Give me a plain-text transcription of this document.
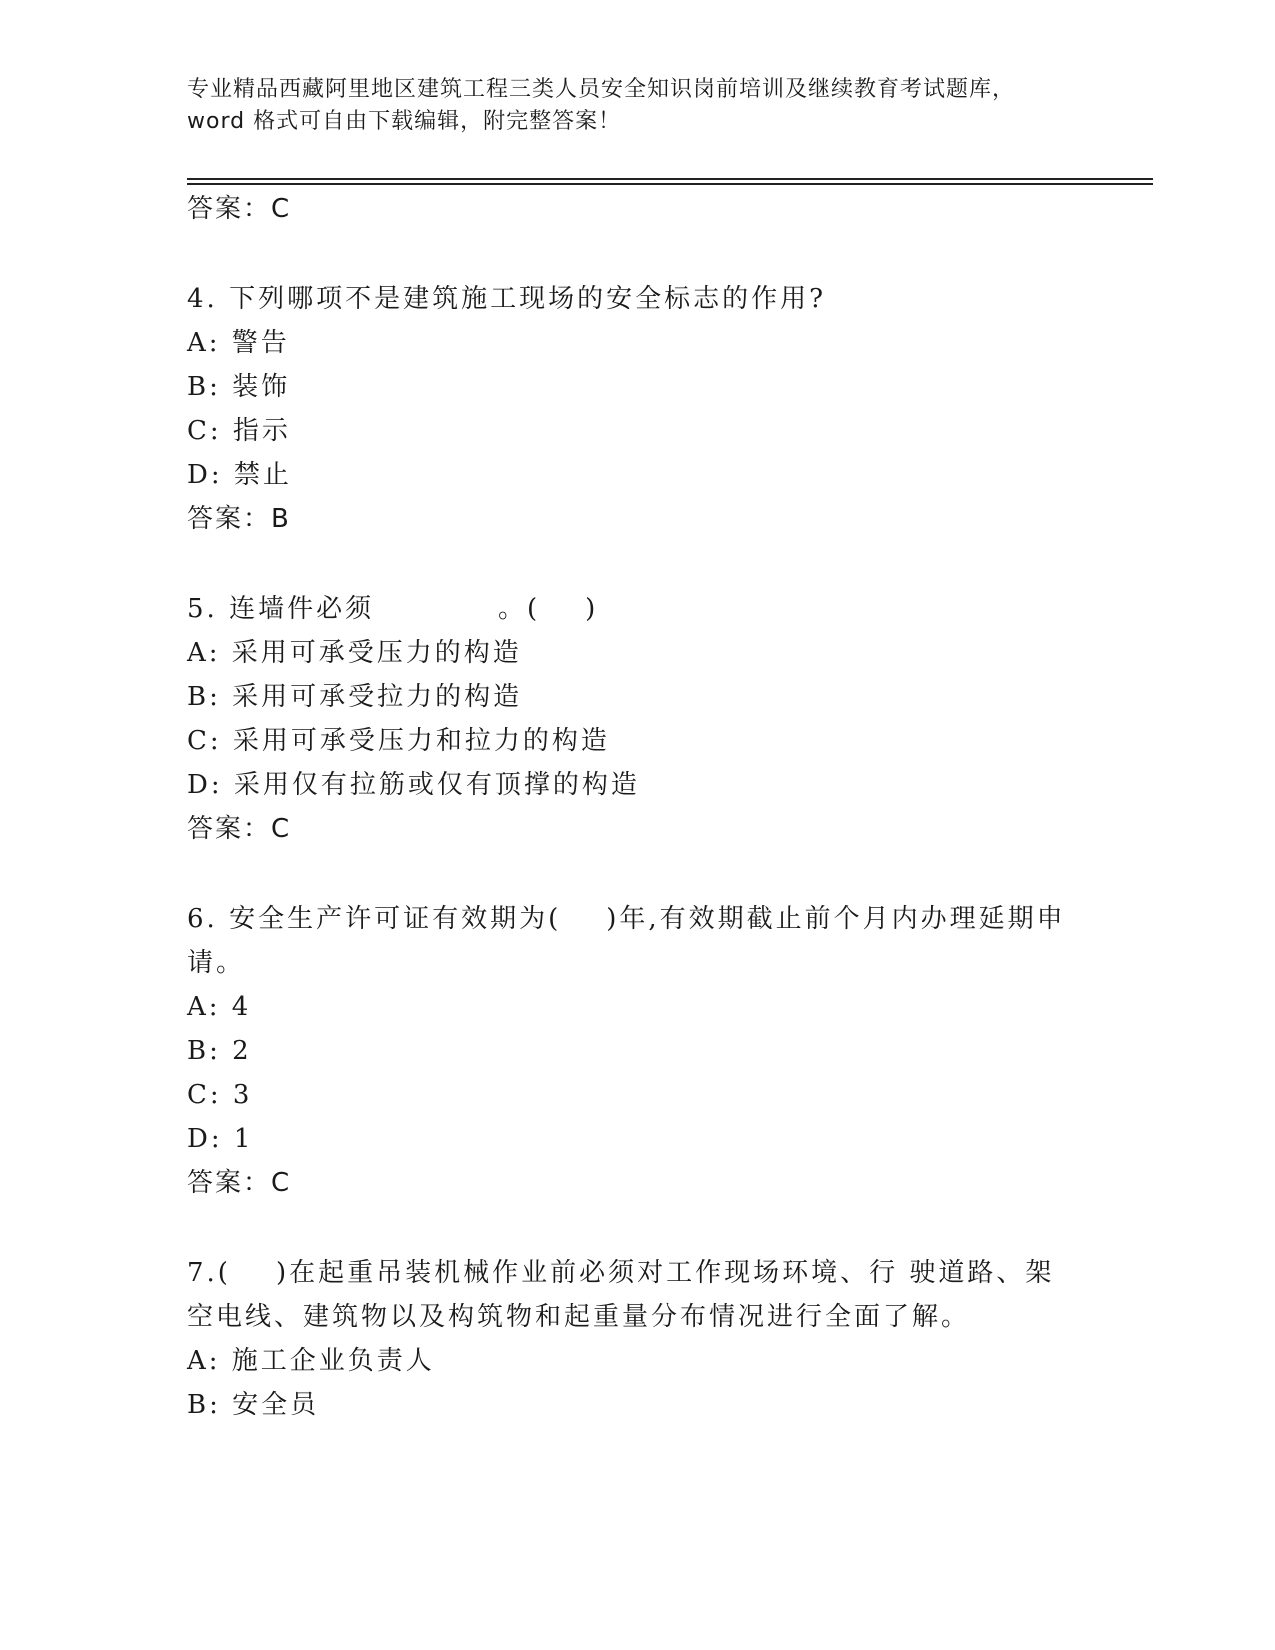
专业精品西藏阿里地区建筑工程三类人员安全知识岗前培训及继续教育考试题库，
word 格式可自由下载编辑，附完整答案！
答案：C
4. 下列哪项不是建筑施工现场的安全标志的作用?
A: 警告
B: 装饰
C: 指示
D: 禁止
答案：B
5. 连墙件必须           。(    )
A: 采用可承受压力的构造
B: 采用可承受拉力的构造
C: 采用可承受压力和拉力的构造
D: 采用仅有拉筋或仅有顶撑的构造
答案：C
6. 安全生产许可证有效期为(    )年,有效期截止前个月内办理延期申
请。
A: 4
B: 2
C: 3
D: 1
答案：C
7.(    )在起重吊装机械作业前必须对工作现场环境、行 驶道路、架
空电线、建筑物以及构筑物和起重量分布情况进行全面了解。
A: 施工企业负责人
B: 安全员
